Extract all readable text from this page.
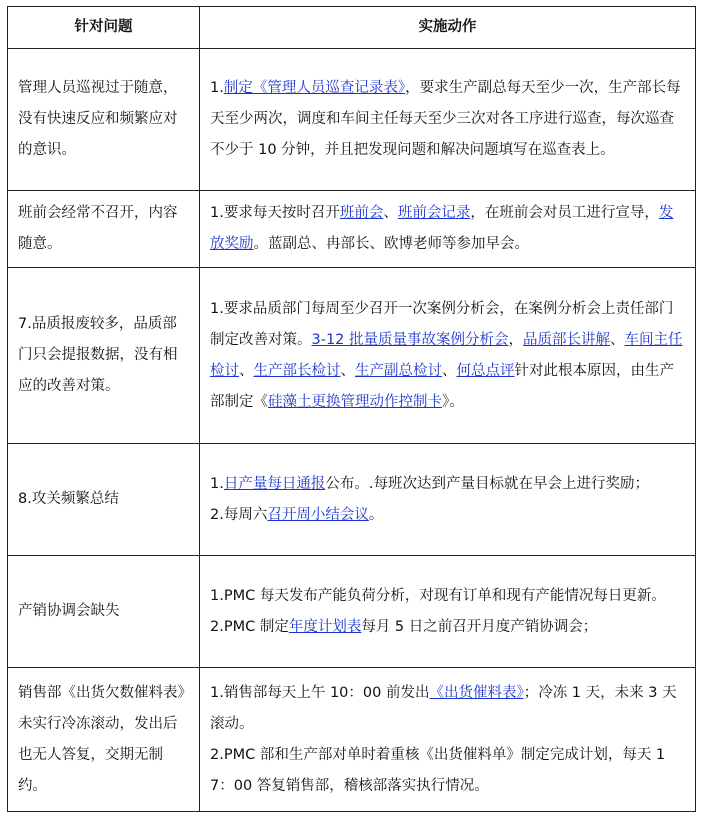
针对问题	实施动作
管理人员巡视过于随意，没有快速反应和频繁应对的意识。	1.制定《管理人员巡查记录表》，要求生产副总每天至少一次，生产部长每天至少两次，调度和车间主任每天至少三次对各工序进行巡查，每次巡查不少于 10 分钟，并且把发现问题和解决问题填写在巡查表上。
班前会经常不召开，内容随意。	1.要求每天按时召开班前会、班前会记录，在班前会对员工进行宣导，发放奖励。蓝副总、冉部长、欧博老师等参加早会。
7.品质报废较多，品质部门只会提报数据，没有相应的改善对策。	1.要求品质部门每周至少召开一次案例分析会，在案例分析会上责任部门制定改善对策。3-12 批量质量事故案例分析会，品质部长讲解、车间主任检讨、生产部长检讨、生产副总检讨、何总点评针对此根本原因，由生产部制定《硅藻土更换管理动作控制卡》。
8.攻关频繁总结	1.日产量每日通报公布。.每班次达到产量目标就在早会上进行奖励；
2.每周六召开周小结会议。

产销协调会缺失	1.PMC 每天发布产能负荷分析，对现有订单和现有产能情况每日更新。
2.PMC 制定年度计划表每月 5 日之前召开月度产销协调会；

销售部《出货欠数催料表》未实行冷冻滚动，发出后也无人答复，交期无制约。	1.销售部每天上午 10：00 前发出《出货催料表》；冷冻 1 天，未来 3 天滚动。
2.PMC 部和生产部对单时着重核《出货催料单》制定完成计划，每天 17：00 答复销售部，稽核部落实执行情况。
